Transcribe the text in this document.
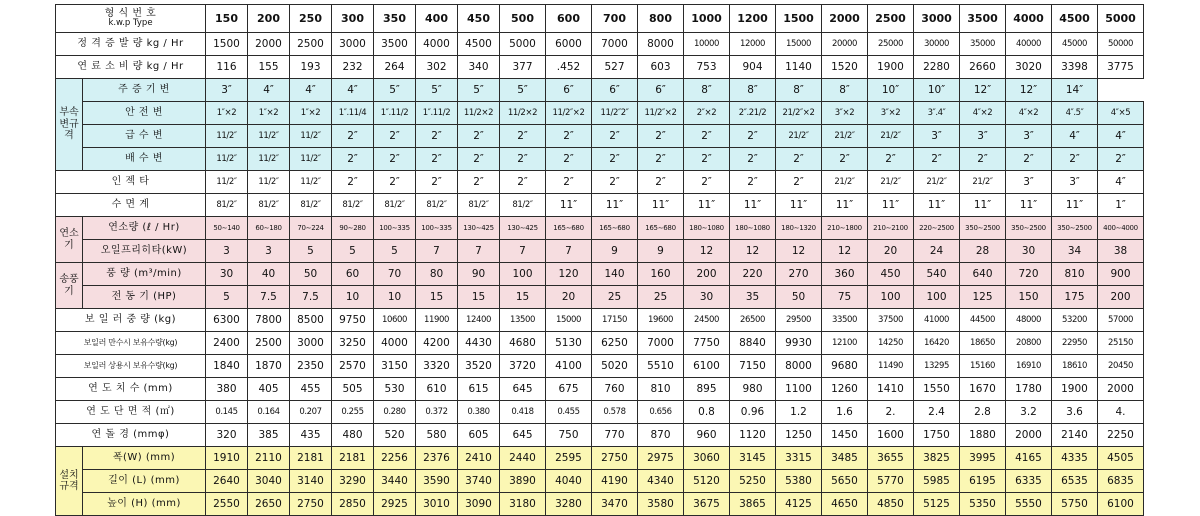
형 식 번 호
k.w.p Type		150	200	250	300	350	400	450	500	600	700	800	1000	1200	1500	2000	2500	3000	3500	4000	4500	5000
정 격 증 발 량 kg / Hr		1500	2000	2500	3000	3500	4000	4500	5000	6000	7000	8000	10000	12000	15000	20000	25000	30000	35000	40000	45000	50000
연 료 소 비 량 kg / Hr		116	155	193	232	264	302	340	377	.452	527	603	753	904	1140	1520	1900	2280	2660	3020	3398	3775
부속변규격	주 증 기 변	3″	4″	4″	4″	5″	5″	5″	5″	6″	6″	6″	8″	8″	8″	8″	10″	10″	12″	12″	14″	
	안 전 변	1″×2	1″×2	1″×2	1″.11/4	1″.11/2	1″.11/2	11/2×2	11/2×2	11/2″×2	11/2″2″	11/2″×2	2″×2	2″.21/2	21/2″×2	3″×2	3″×2	3″.4″	4″×2	4″×2	4″.5″	4″×5
	급 수 변	11/2″	11/2″	11/2″	2″	2″	2″	2″	2″	2″	2″	2″	2″	2″	21/2″	21/2″	21/2″	3″	3″	3″	4″	4″
	배 수 변	11/2″	11/2″	11/2″	2″	2″	2″	2″	2″	2″	2″	2″	2″	2″	2″	2″	2″	2″	2″	2″	2″	2″
인 젝 타		11/2″	11/2″	11/2″	2″	2″	2″	2″	2″	2″	2″	2″	2″	2″	2″	21/2″	21/2″	21/2″	21/2″	3″	3″	4″
수 면 계		81/2″	81/2″	81/2″	81/2″	81/2″	81/2″	81/2″	81/2″	11″	11″	11″	11″	11″	11″	11″	11″	11″	11″	11″	11″	1″
연소기	연소량 (ℓ / Hr)	50∼140	60∼180	70∼224	90∼280	100∼335	100∼335	130∼425	130∼425	165∼680	165∼680	165∼680	180∼1080	180∼1080	180∼1320	210∼1800	210∼2100	220∼2500	350∼2500	350∼2500	350∼2500	400∼4000
	오일프리히타(kW)	3	3	5	5	5	7	7	7	7	9	9	12	12	12	12	20	24	28	30	34	38
송풍기	풍 량 (m³/min)	30	40	50	60	70	80	90	100	120	140	160	200	220	270	360	450	540	640	720	810	900
	전 동 기 (HP)	5	7.5	7.5	10	10	15	15	15	20	25	25	30	35	50	75	100	100	125	150	175	200
보 일 러 중 량 (kg)		6300	7800	8500	9750	10600	11900	12400	13500	15000	17150	19600	24500	26500	29500	33500	37500	41000	44500	48000	53200	57000
보일러 만수시 보유수량(kg)		2400	2500	3000	3250	4000	4200	4430	4680	5130	6250	7000	7750	8840	9930	12100	14250	16420	18650	20800	22950	25150
보일러 상용시 보유수량(kg)		1840	1870	2350	2570	3150	3320	3520	3720	4100	5020	5510	6100	7150	8000	9680	11490	13295	15160	16910	18610	20450
연 도 치 수 (mm)		380	405	455	505	530	610	615	645	675	760	810	895	980	1100	1260	1410	1550	1670	1780	1900	2000
연 도 단 면 적 (㎡)		0.145	0.164	0.207	0.255	0.280	0.372	0.380	0.418	0.455	0.578	0.656	0.8	0.96	1.2	1.6	2.	2.4	2.8	3.2	3.6	4.
연 돌 경 (mmφ)		320	385	435	480	520	580	605	645	750	770	870	960	1120	1250	1450	1600	1750	1880	2000	2140	2250
설치규격	폭(W) (mm)	1910	2110	2181	2181	2256	2376	2410	2440	2595	2750	2975	3060	3145	3315	3485	3655	3825	3995	4165	4335	4505
	길이 (L) (mm)	2640	3040	3140	3290	3440	3590	3740	3890	4040	4190	4340	5120	5250	5380	5650	5770	5985	6195	6335	6535	6835
	높이 (H) (mm)	2550	2650	2750	2850	2925	3010	3090	3180	3280	3470	3580	3675	3865	4125	4650	4850	5125	5350	5550	5750	6100
